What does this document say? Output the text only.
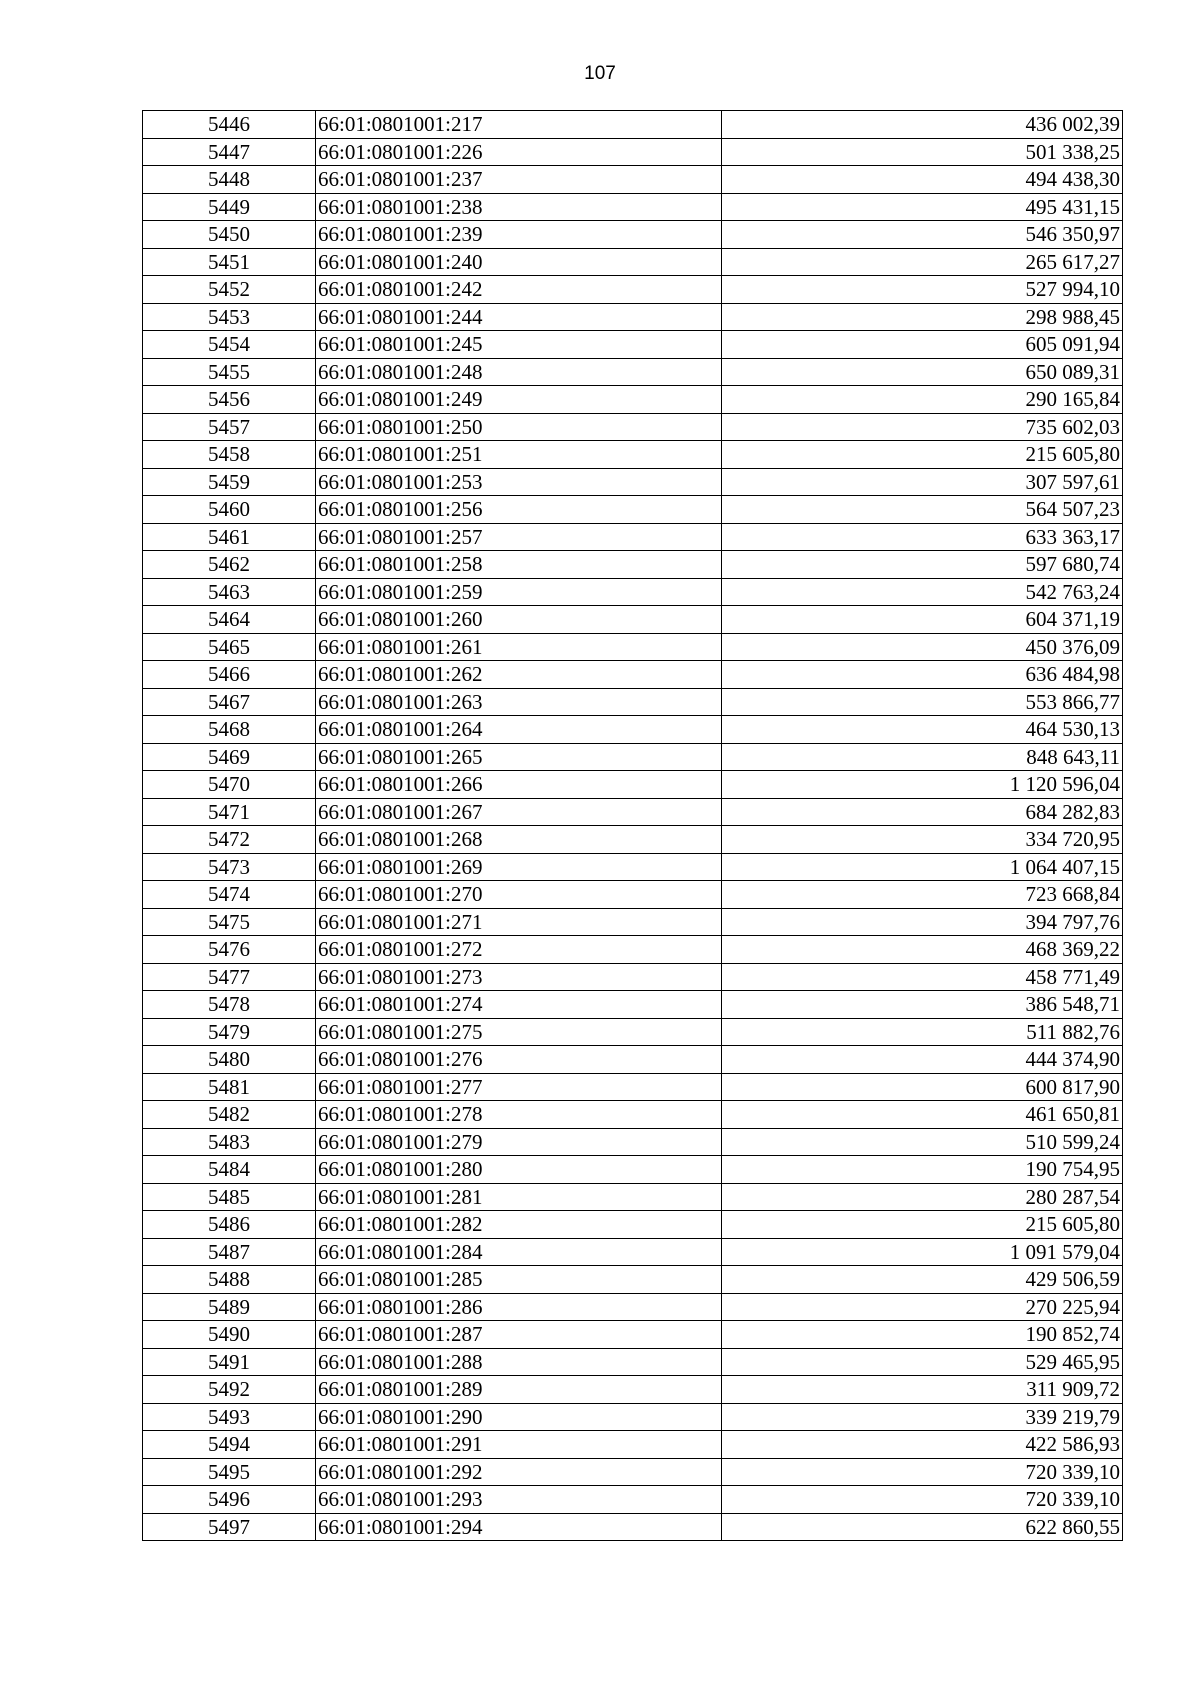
107
5446	66:01:0801001:217	436 002,39
5447	66:01:0801001:226	501 338,25
5448	66:01:0801001:237	494 438,30
5449	66:01:0801001:238	495 431,15
5450	66:01:0801001:239	546 350,97
5451	66:01:0801001:240	265 617,27
5452	66:01:0801001:242	527 994,10
5453	66:01:0801001:244	298 988,45
5454	66:01:0801001:245	605 091,94
5455	66:01:0801001:248	650 089,31
5456	66:01:0801001:249	290 165,84
5457	66:01:0801001:250	735 602,03
5458	66:01:0801001:251	215 605,80
5459	66:01:0801001:253	307 597,61
5460	66:01:0801001:256	564 507,23
5461	66:01:0801001:257	633 363,17
5462	66:01:0801001:258	597 680,74
5463	66:01:0801001:259	542 763,24
5464	66:01:0801001:260	604 371,19
5465	66:01:0801001:261	450 376,09
5466	66:01:0801001:262	636 484,98
5467	66:01:0801001:263	553 866,77
5468	66:01:0801001:264	464 530,13
5469	66:01:0801001:265	848 643,11
5470	66:01:0801001:266	1 120 596,04
5471	66:01:0801001:267	684 282,83
5472	66:01:0801001:268	334 720,95
5473	66:01:0801001:269	1 064 407,15
5474	66:01:0801001:270	723 668,84
5475	66:01:0801001:271	394 797,76
5476	66:01:0801001:272	468 369,22
5477	66:01:0801001:273	458 771,49
5478	66:01:0801001:274	386 548,71
5479	66:01:0801001:275	511 882,76
5480	66:01:0801001:276	444 374,90
5481	66:01:0801001:277	600 817,90
5482	66:01:0801001:278	461 650,81
5483	66:01:0801001:279	510 599,24
5484	66:01:0801001:280	190 754,95
5485	66:01:0801001:281	280 287,54
5486	66:01:0801001:282	215 605,80
5487	66:01:0801001:284	1 091 579,04
5488	66:01:0801001:285	429 506,59
5489	66:01:0801001:286	270 225,94
5490	66:01:0801001:287	190 852,74
5491	66:01:0801001:288	529 465,95
5492	66:01:0801001:289	311 909,72
5493	66:01:0801001:290	339 219,79
5494	66:01:0801001:291	422 586,93
5495	66:01:0801001:292	720 339,10
5496	66:01:0801001:293	720 339,10
5497	66:01:0801001:294	622 860,55
